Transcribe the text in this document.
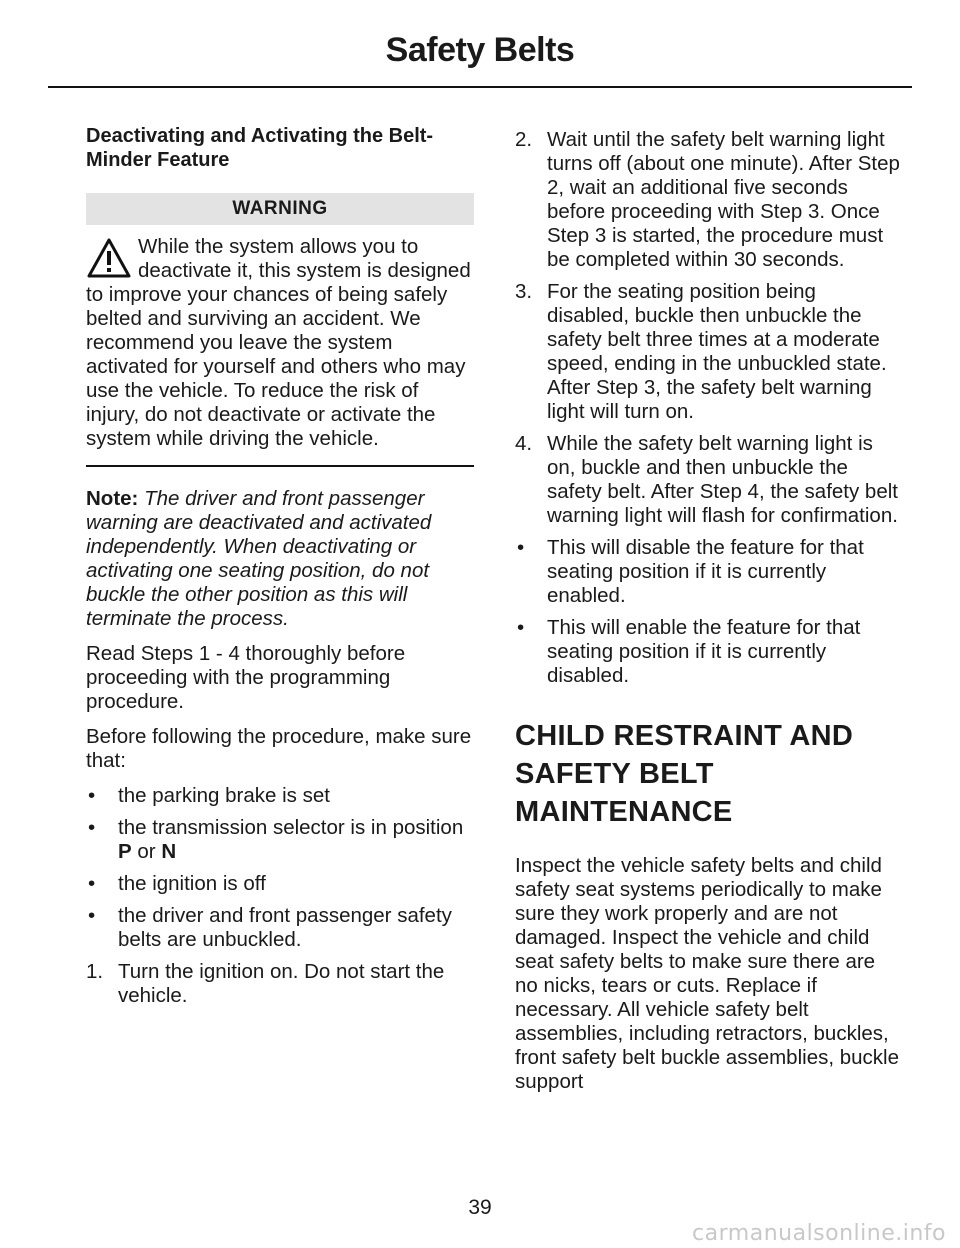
Safety Belts
Deactivating and Activating the Belt-Minder Feature
WARNING

While the system allows you to deactivate it, this system is designed to improve your chances of being safely belted and surviving an accident. We recommend you leave the system activated for yourself and others who may use the vehicle. To reduce the risk of injury, do not deactivate or activate the system while driving the vehicle.

Note: The driver and front passenger warning are deactivated and activated independently. When deactivating or activating one seating position, do not buckle the other position as this will terminate the process.

Read Steps 1 - 4 thoroughly before proceeding with the programming procedure.

Before following the procedure, make sure that:

• the parking brake is set
• the transmission selector is in position P or N
• the ignition is off
• the driver and front passenger safety belts are unbuckled.
1. Turn the ignition on. Do not start the vehicle.
2. Wait until the safety belt warning light turns off (about one minute). After Step 2, wait an additional five seconds before proceeding with Step 3. Once Step 3 is started, the procedure must be completed within 30 seconds.
3. For the seating position being disabled, buckle then unbuckle the safety belt three times at a moderate speed, ending in the unbuckled state. After Step 3, the safety belt warning light will turn on.
4. While the safety belt warning light is on, buckle and then unbuckle the safety belt. After Step 4, the safety belt warning light will flash for confirmation.
• This will disable the feature for that seating position if it is currently enabled.
• This will enable the feature for that seating position if it is currently disabled.
CHILD RESTRAINT AND
SAFETY BELT
MAINTENANCE

Inspect the vehicle safety belts and child safety seat systems periodically to make sure they work properly and are not damaged. Inspect the vehicle and child seat safety belts to make sure there are no nicks, tears or cuts. Replace if necessary. All vehicle safety belt assemblies, including retractors, buckles, front safety belt buckle assemblies, buckle support

39
carmanualsonline.info
